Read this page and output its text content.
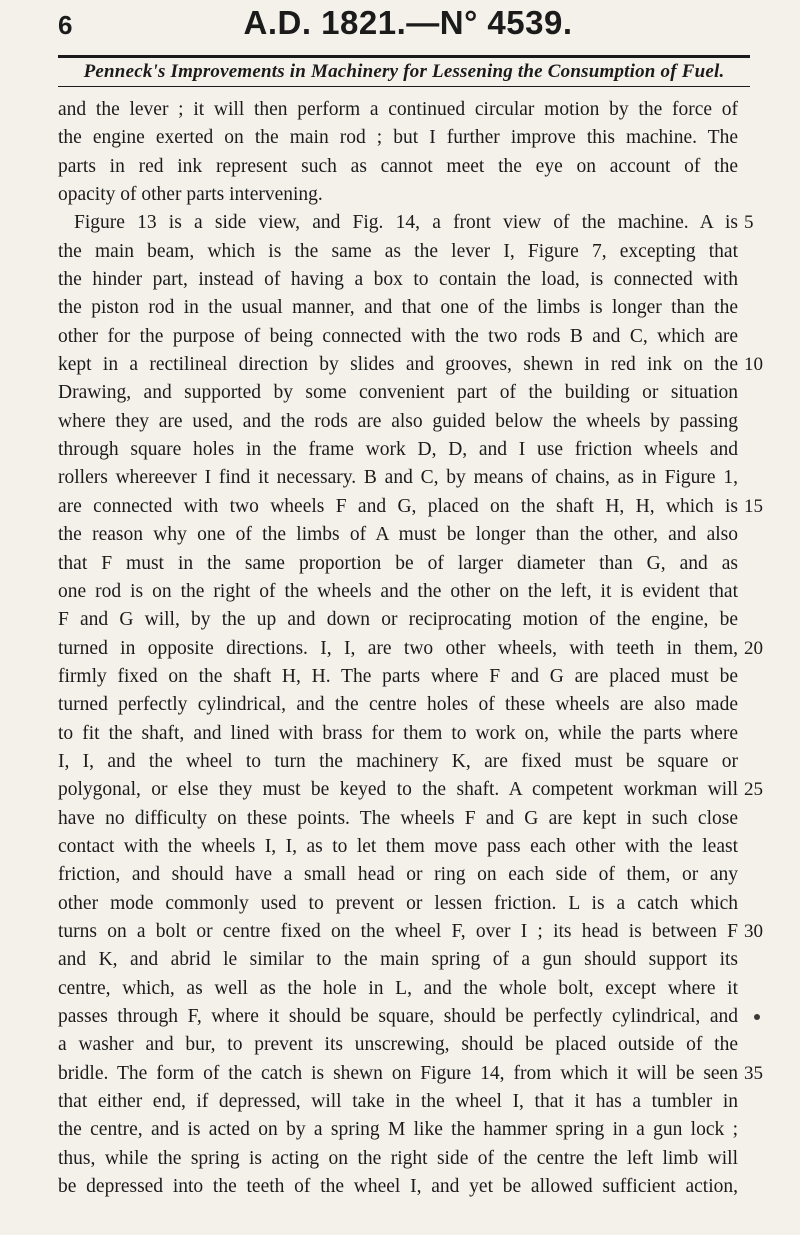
6	A.D. 1821.—N° 4539.
Penneck's Improvements in Machinery for Lessening the Consumption of Fuel.
and the lever ; it will then perform a continued circular motion by the force of
the engine exerted on the main rod ; but I further improve this machine. The
parts in red ink represent such as cannot meet the eye on account of the
opacity of other parts intervening.
Figure 13 is a side view, and Fig. 14, a front view of the machine. A is
the main beam, which is the same as the lever I, Figure 7, excepting that
the hinder part, instead of having a box to contain the load, is connected with
the piston rod in the usual manner, and that one of the limbs is longer than the
other for the purpose of being connected with the two rods B and C, which are
kept in a rectilineal direction by slides and grooves, shewn in red ink on the
Drawing, and supported by some convenient part of the building or situation
where they are used, and the rods are also guided below the wheels by passing
through square holes in the frame work D, D, and I use friction wheels and
rollers whereever I find it necessary. B and C, by means of chains, as in Figure 1,
are connected with two wheels F and G, placed on the shaft H, H, which is
the reason why one of the limbs of A must be longer than the other, and also
that F must in the same proportion be of larger diameter than G, and as
one rod is on the right of the wheels and the other on the left, it is evident that
F and G will, by the up and down or reciprocating motion of the engine, be
turned in opposite directions. I, I, are two other wheels, with teeth in them,
firmly fixed on the shaft H, H. The parts where F and G are placed must be
turned perfectly cylindrical, and the centre holes of these wheels are also made
to fit the shaft, and lined with brass for them to work on, while the parts where
I, I, and the wheel to turn the machinery K, are fixed must be square or
polygonal, or else they must be keyed to the shaft. A competent workman will
have no difficulty on these points. The wheels F and G are kept in such close
contact with the wheels I, I, as to let them move pass each other with the least
friction, and should have a small head or ring on each side of them, or any
other mode commonly used to prevent or lessen friction. L is a catch which
turns on a bolt or centre fixed on the wheel F, over I ; its head is between F
and K, and abrid le similar to the main spring of a gun should support its
centre, which, as well as the hole in L, and the whole bolt, except where it
passes through F, where it should be square, should be perfectly cylindrical, and
a washer and bur, to prevent its unscrewing, should be placed outside of the
bridle. The form of the catch is shewn on Figure 14, from which it will be seen
that either end, if depressed, will take in the wheel I, that it has a tumbler in
the centre, and is acted on by a spring M like the hammer spring in a gun lock ;
thus, while the spring is acting on the right side of the centre the left limb will
be depressed into the teeth of the wheel I, and yet be allowed sufficient action,
5
10
15
20
25
30
35
